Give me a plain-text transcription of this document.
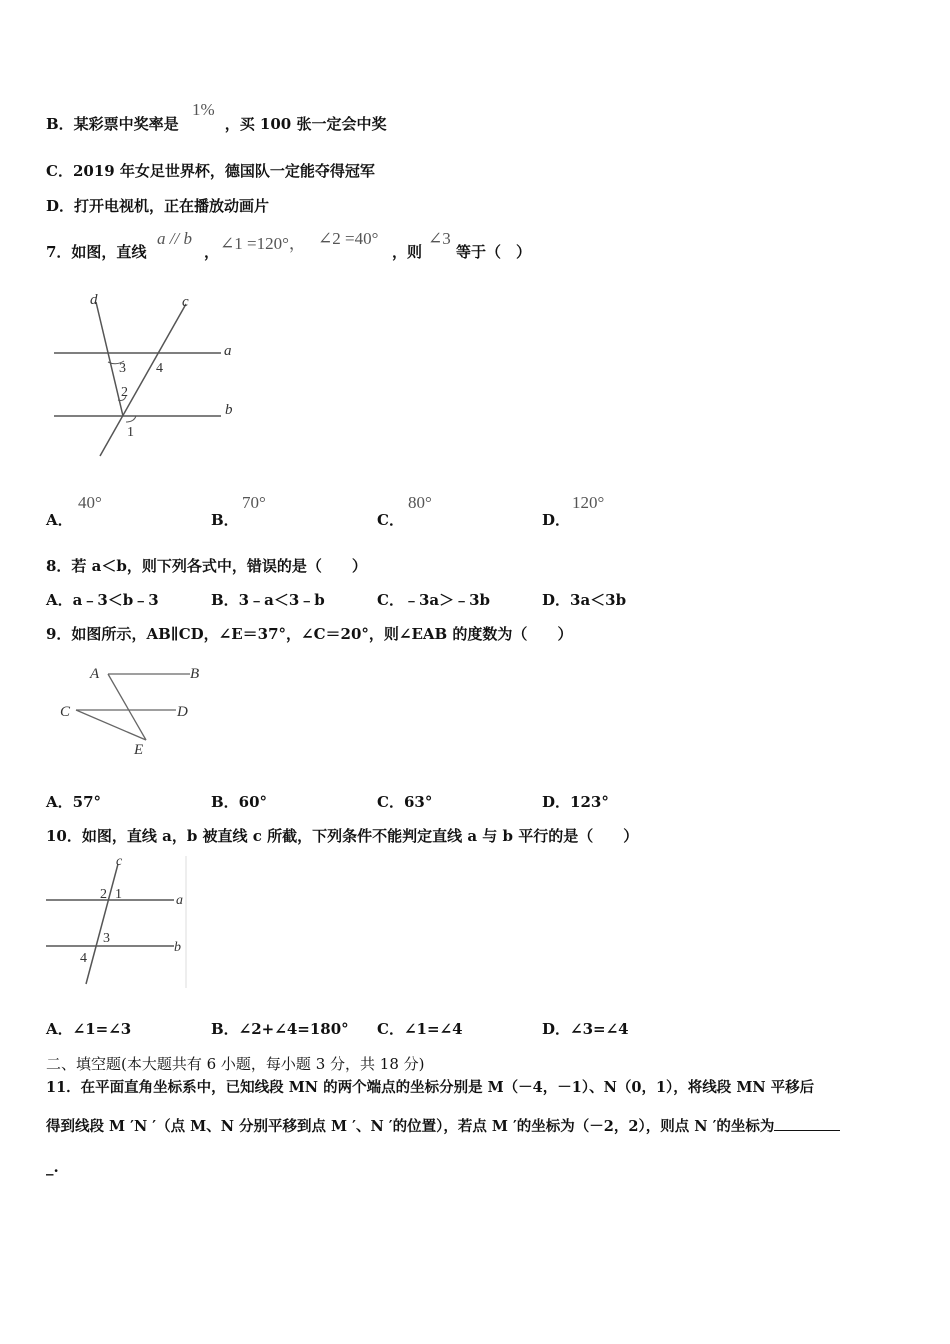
B．某彩票中奖率是	，买 100 张一定会中奖
1%
C．2019 年女足世界杯，德国队一定能夺得冠军
D．打开电视机，正在播放动画片
7．如图，直线
a // b
， ∠1 =120°， ∠2 =40°
，则
∠3
等于（　）
d	c
a
b
3 4
2
1
A．
40°
B．
70°
C．
80°
D．
120°
8．若 a＜b，则下列各式中，错误的是（　　）
A．a﹣3＜b﹣3	B．3﹣a＜3﹣b	C．﹣3a＞﹣3b	D．3a＜3b
9．如图所示，AB∥CD，∠E＝37°，∠C＝20°，则∠EAB 的度数为（　　）
A	B
C	D
E
A．57°	B．60°	C．63°	D．123°
10．如图，直线 a，b 被直线 c 所截，下列条件不能判定直线 a 与 b 平行的是（　　）
c
2 1	a
3
b
4
A．∠1=∠3	B．∠2+∠4=180° C．∠1=∠4	D．∠3=∠4
二、填空题(本大题共有 6 小题，每小题 3 分，共 18 分)
11．在平面直角坐标系中，已知线段 MN 的两个端点的坐标分别是 M（－4，－1）、N（0，1），将线段 MN 平移后
得到线段 M ′N ′（点 M、N 分别平移到点 M ′、N ′的位置），若点 M ′的坐标为（－2，2），则点 N ′的坐标为
_.
